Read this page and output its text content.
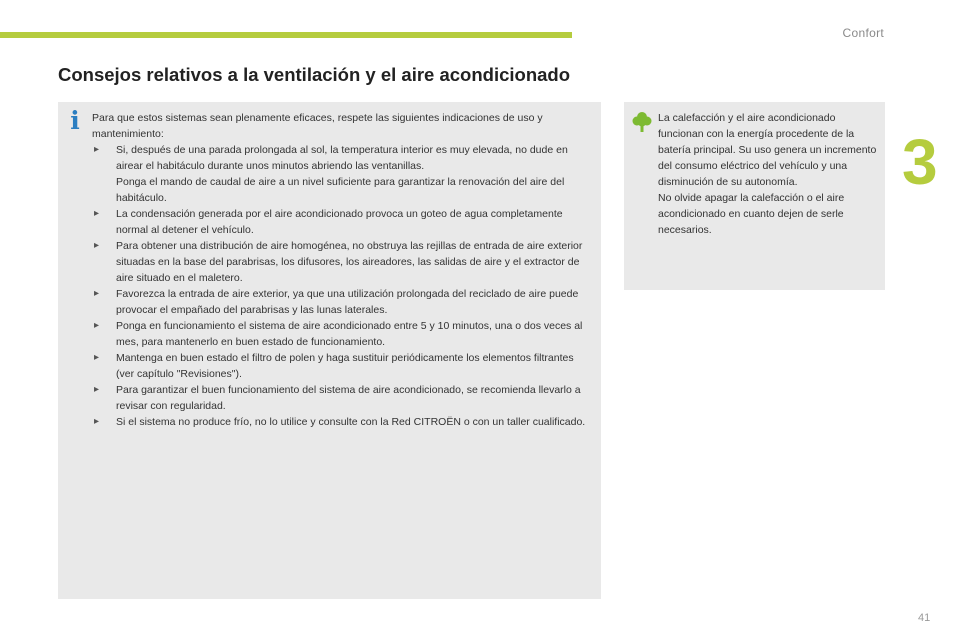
Confort
3
Consejos relativos a la ventilación y el aire acondicionado
i	Para que estos sistemas sean plenamente eficaces, respete las siguientes indicaciones de uso y mantenimiento:

▸ Si, después de una parada prolongada al sol, la temperatura interior es muy elevada, no dude en airear el habitáculo durante unos minutos abriendo las ventanillas.
Ponga el mando de caudal de aire a un nivel suficiente para garantizar la renovación del aire del habitáculo.
▸ La condensación generada por el aire acondicionado provoca un goteo de agua completamente normal al detener el vehículo.
▸ Para obtener una distribución de aire homogénea, no obstruya las rejillas de entrada de aire exterior situadas en la base del parabrisas, los difusores, los aireadores, las salidas de aire y el extractor de aire situado en el maletero.
▸ Favorezca la entrada de aire exterior, ya que una utilización prolongada del reciclado de aire puede provocar el empañado del parabrisas y las lunas laterales.
▸ Ponga en funcionamiento el sistema de aire acondicionado entre 5 y 10 minutos, una o dos veces al mes, para mantenerlo en buen estado de funcionamiento.
▸ Mantenga en buen estado el filtro de polen y haga sustituir periódicamente los elementos filtrantes (ver capítulo "Revisiones").
▸ Para garantizar el buen funcionamiento del sistema de aire acondicionado, se recomienda llevarlo a revisar con regularidad.
▸ Si el sistema no produce frío, no lo utilice y consulte con la Red CITROËN o con un taller cualificado.

La calefacción y el aire acondicionado funcionan con la energía procedente de la batería principal. Su uso genera un incremento del consumo eléctrico del vehículo y una disminución de su autonomía.

No olvide apagar la calefacción o el aire acondicionado en cuanto dejen de serle necesarios.

41
